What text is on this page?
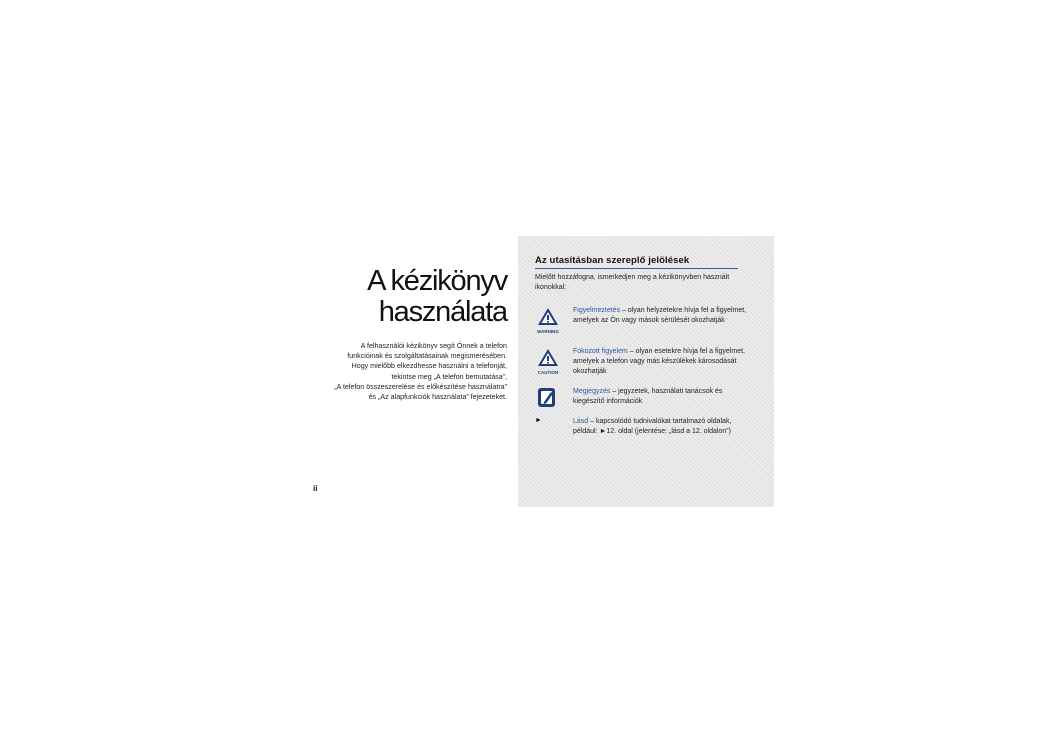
A kézikönyv
használata

A felhasználói kézikönyv segít Önnek a telefon
funkcióinak és szolgáltatásainak megismerésében.
Hogy mielőbb elkezdhesse használni a telefonját,
tekintse meg „A telefon bemutatása”,
„A telefon összeszerelése és előkészítése használatra”
és „Az alapfunkciók használata” fejezeteket.

ii
Az utasításban szereplő jelölések

Mielőtt hozzáfogna, ismerkedjen meg a kézikönyvben használt ikonokkal:

WARNING
Figyelmeztetés – olyan helyzetekre hívja fel a figyelmet, amelyek az Ön vagy mások sérülését okozhatják
CAUTION
Fokozott figyelem – olyan esetekre hívja fel a figyelmet, amelyek a telefon vagy más készülékek károsodását okozhatják
Megjegyzés – jegyzetek, használati tanácsok és kiegészítő információk
►	Lásd – kapcsolódó tudnivalókat tartalmazó oldalak, például: ►12. oldal (jelentése: „lásd a 12. oldalon”)
